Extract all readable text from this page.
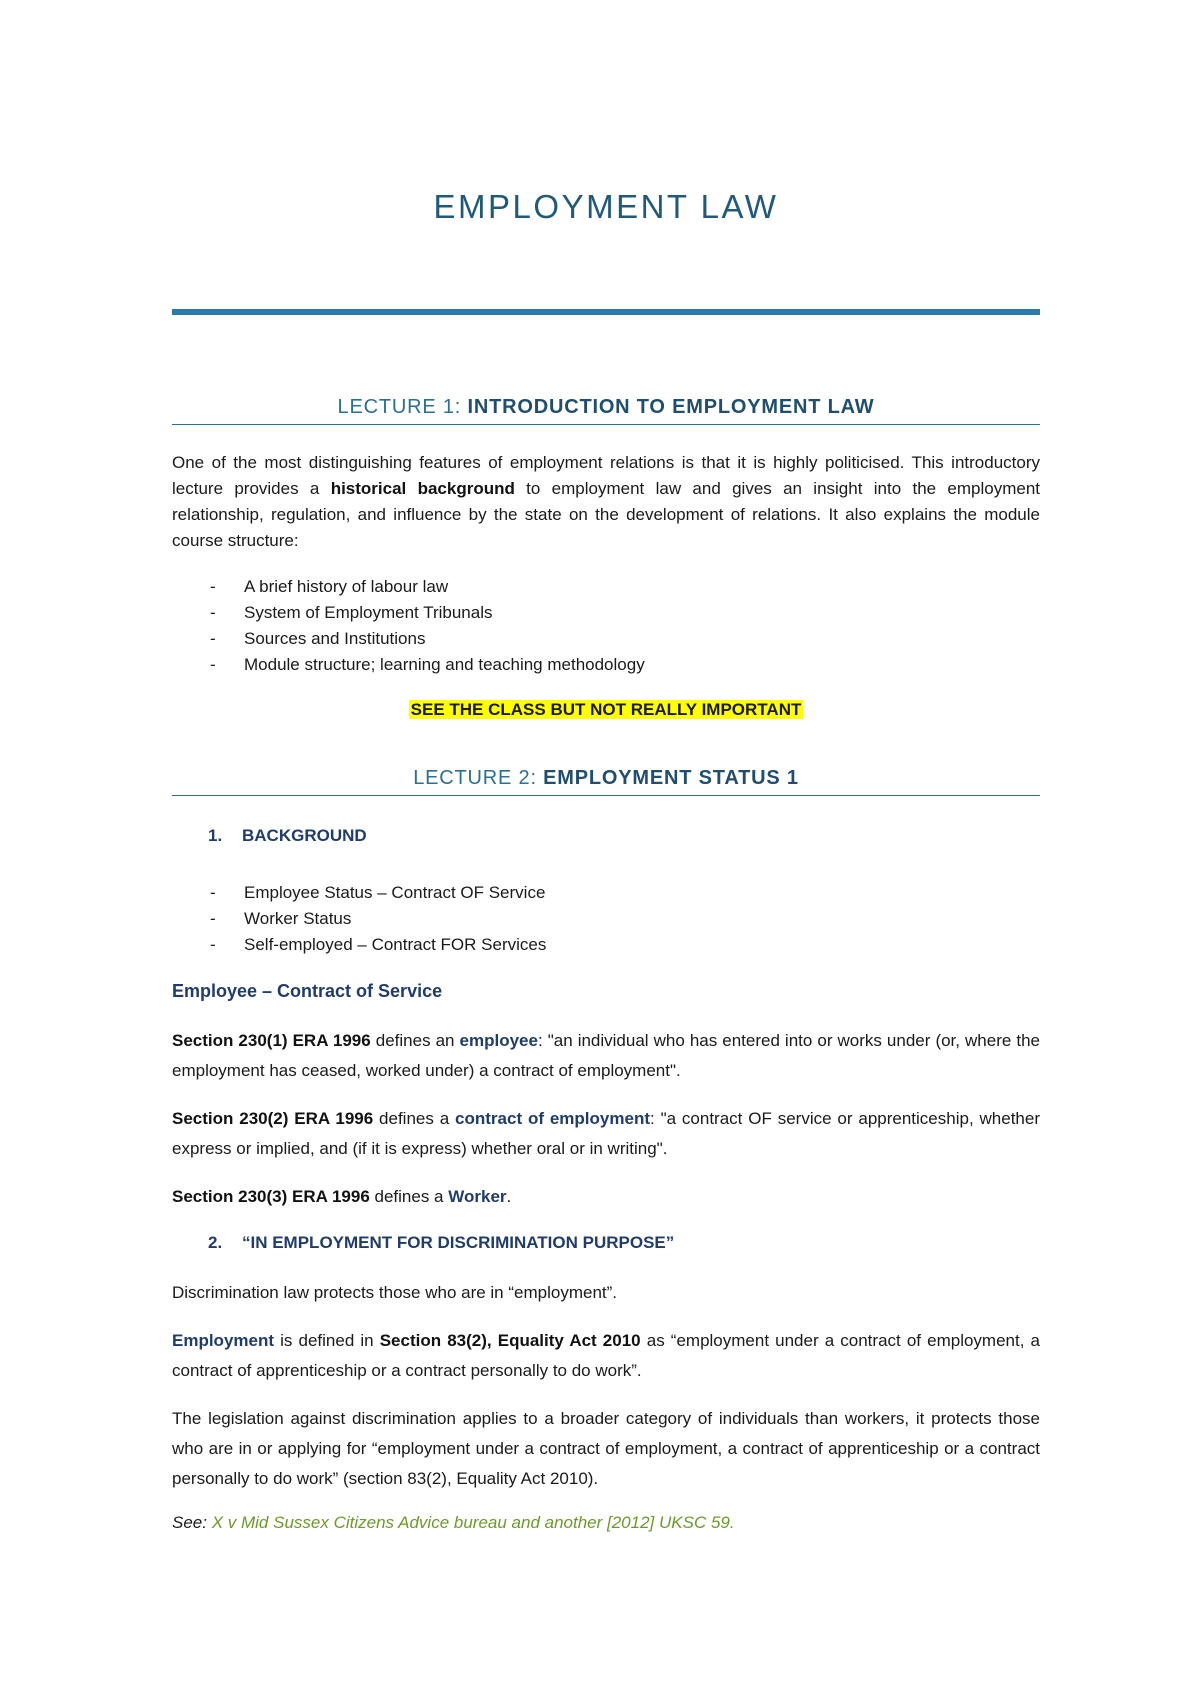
EMPLOYMENT LAW
LECTURE 1: INTRODUCTION TO EMPLOYMENT LAW

One of the most distinguishing features of employment relations is that it is highly politicised. This introductory lecture provides a historical background to employment law and gives an insight into the employment relationship, regulation, and influence by the state on the development of relations. It also explains the module course structure:

- A brief history of labour law
- System of Employment Tribunals
- Sources and Institutions
- Module structure; learning and teaching methodology
SEE THE CLASS BUT NOT REALLY IMPORTANT
LECTURE 2: EMPLOYMENT STATUS 1
1. BACKGROUND
- Employee Status – Contract OF Service
- Worker Status
- Self-employed – Contract FOR Services
Employee – Contract of Service

Section 230(1) ERA 1996 defines an employee: "an individual who has entered into or works under (or, where the employment has ceased, worked under) a contract of employment".

Section 230(2) ERA 1996 defines a contract of employment: "a contract OF service or apprenticeship, whether express or implied, and (if it is express) whether oral or in writing".

Section 230(3) ERA 1996 defines a Worker.

2. “IN EMPLOYMENT FOR DISCRIMINATION PURPOSE”

Discrimination law protects those who are in “employment”.

Employment is defined in Section 83(2), Equality Act 2010 as “employment under a contract of employment, a contract of apprenticeship or a contract personally to do work”.

The legislation against discrimination applies to a broader category of individuals than workers, it protects those who are in or applying for “employment under a contract of employment, a contract of apprenticeship or a contract personally to do work” (section 83(2), Equality Act 2010).

See: X v Mid Sussex Citizens Advice bureau and another [2012] UKSC 59.
